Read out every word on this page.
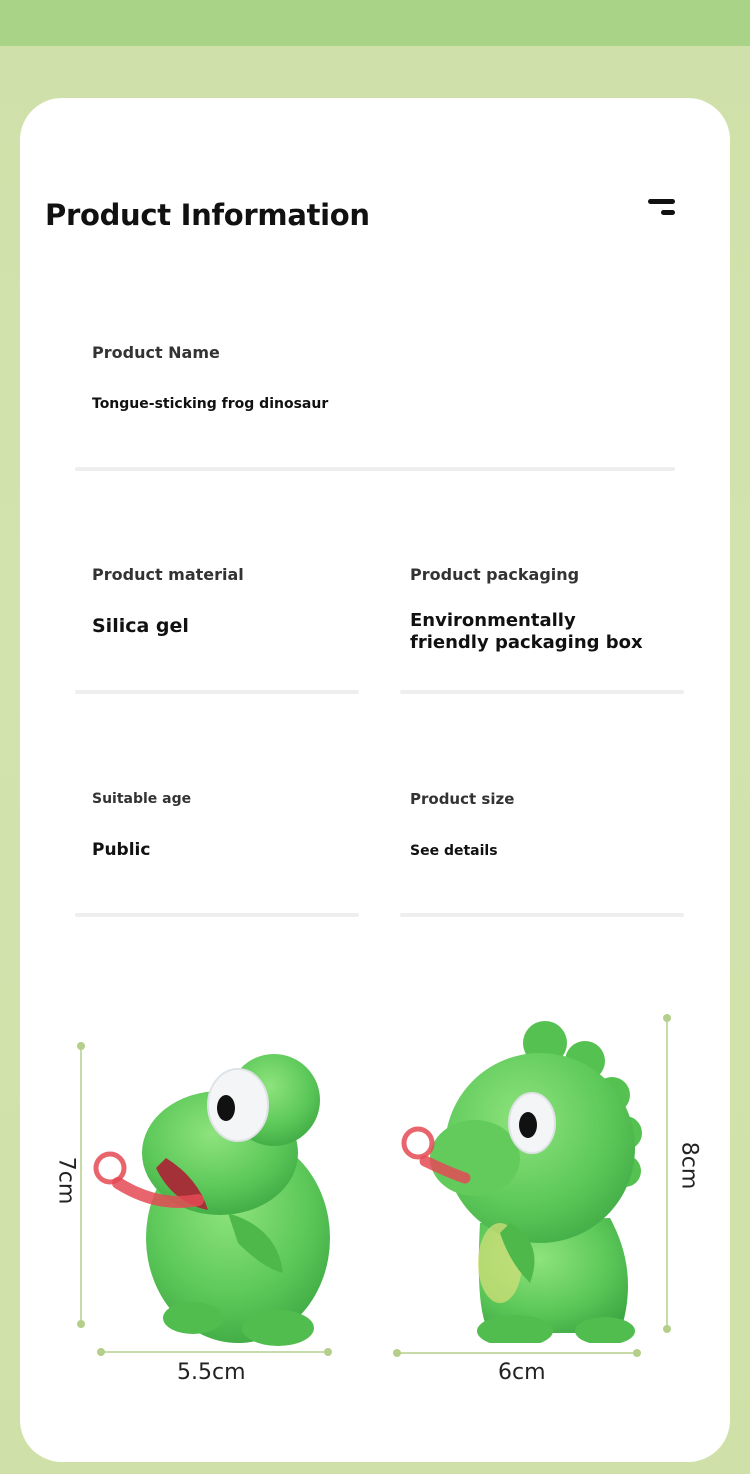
Product Information
Product Name
Tongue-sticking frog dinosaur
Product material
Silica gel
Product packaging
Environmentally
friendly packaging box
Suitable age
Public
Product size
See details
7cm
5.5cm
8cm
6cm
